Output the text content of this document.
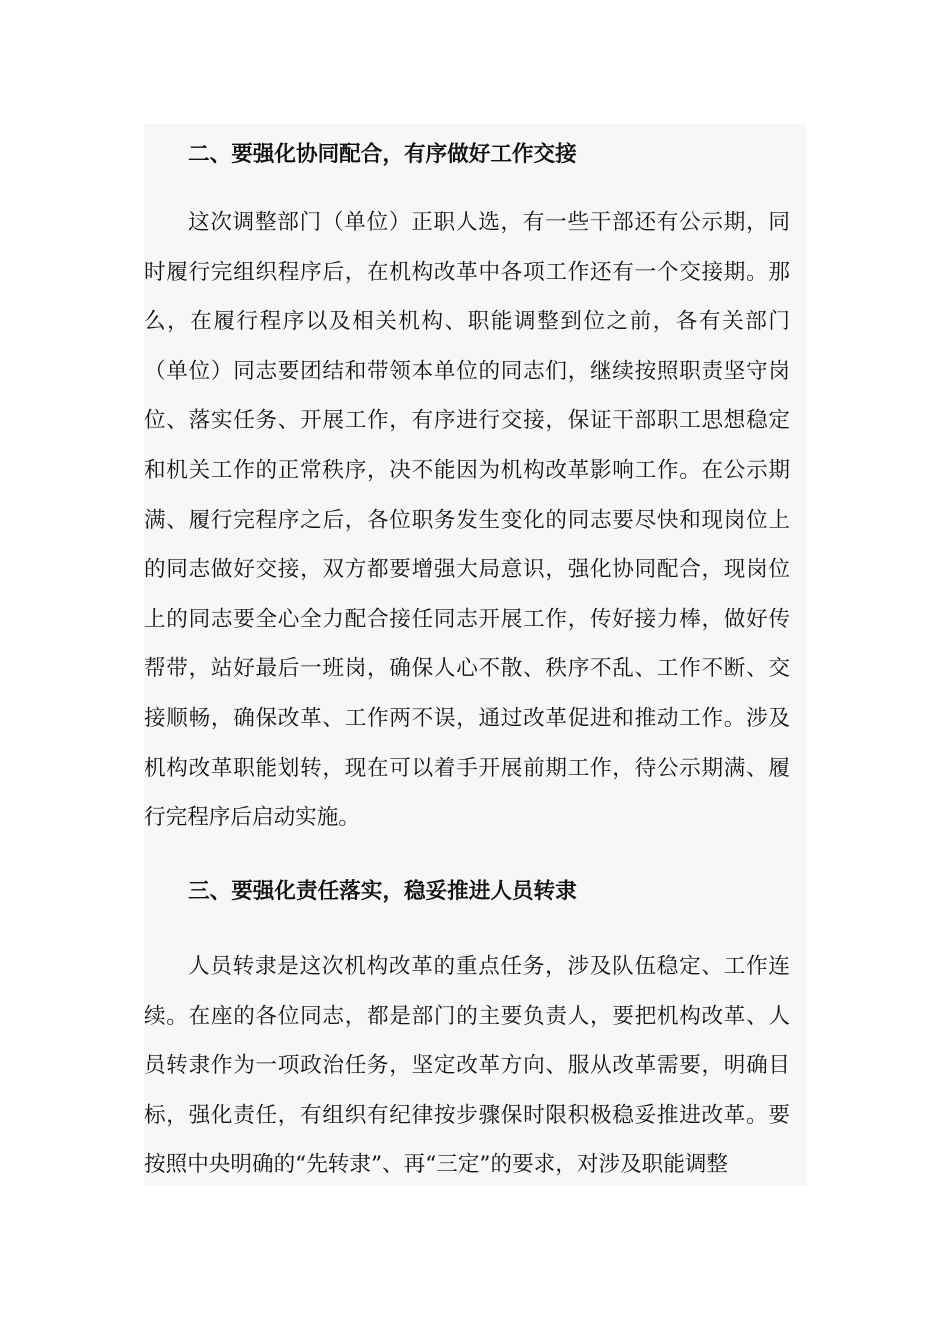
二、要强化协同配合，有序做好工作交接

这次调整部门（单位）正职人选，有一些干部还有公示期，同时履行完组织程序后，在机构改革中各项工作还有一个交接期。那么，在履行程序以及相关机构、职能调整到位之前，各有关部门（单位）同志要团结和带领本单位的同志们，继续按照职责坚守岗位、落实任务、开展工作，有序进行交接，保证干部职工思想稳定和机关工作的正常秩序，决不能因为机构改革影响工作。在公示期满、履行完程序之后，各位职务发生变化的同志要尽快和现岗位上的同志做好交接，双方都要增强大局意识，强化协同配合，现岗位上的同志要全心全力配合接任同志开展工作，传好接力棒，做好传帮带，站好最后一班岗，确保人心不散、秩序不乱、工作不断、交接顺畅，确保改革、工作两不误，通过改革促进和推动工作。涉及机构改革职能划转，现在可以着手开展前期工作，待公示期满、履行完程序后启动实施。

三、要强化责任落实，稳妥推进人员转隶

人员转隶是这次机构改革的重点任务，涉及队伍稳定、工作连续。在座的各位同志，都是部门的主要负责人，要把机构改革、人员转隶作为一项政治任务，坚定改革方向、服从改革需要，明确目标，强化责任，有组织有纪律按步骤保时限积极稳妥推进改革。要按照中央明确的“先转隶”、再“三定”的要求，对涉及职能调整
